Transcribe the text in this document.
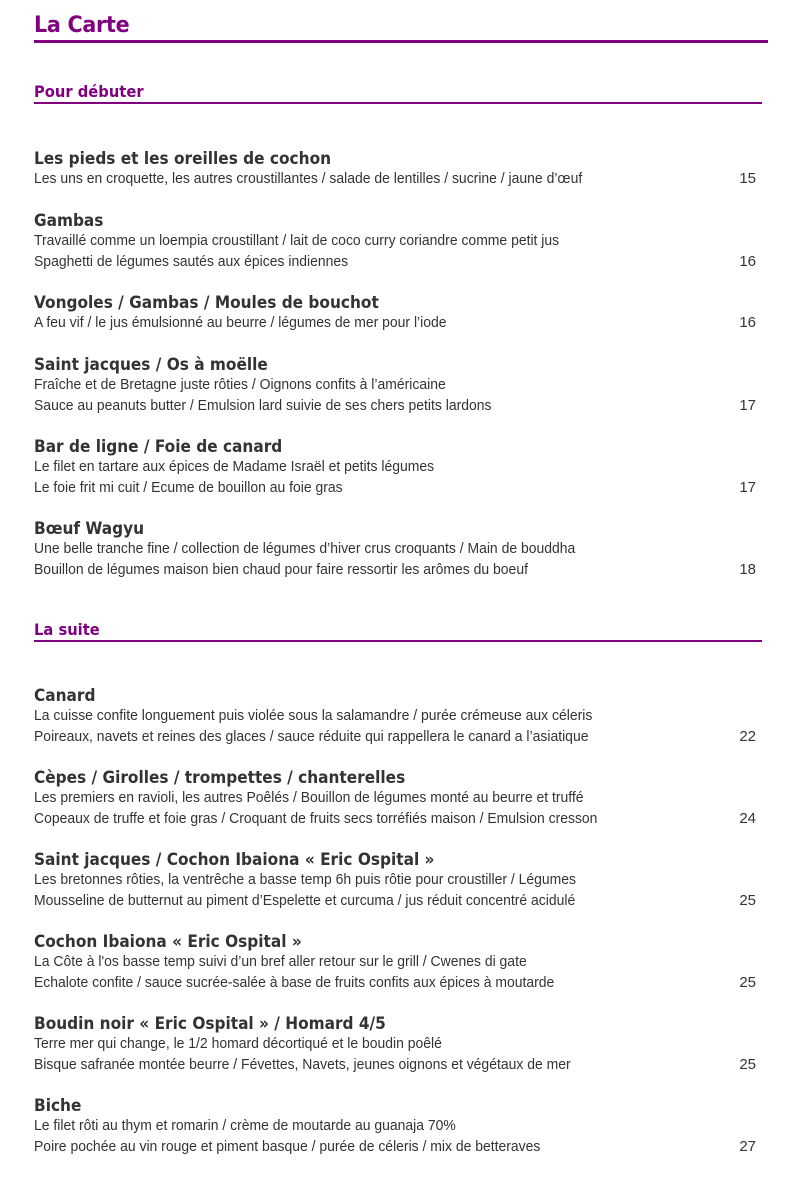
La Carte
Pour débuter
Les pieds et les oreilles de cochon
Les uns en croquette, les autres croustillantes / salade de lentilles / sucrine / jaune d’œuf	15
Gambas
Travaillé comme un loempia croustillant / lait de coco curry coriandre comme petit jus
Spaghetti de légumes sautés aux épices indiennes	16
Vongoles / Gambas / Moules de bouchot
A feu vif / le jus émulsionné au beurre / légumes de mer pour l’iode	16
Saint jacques / Os à moëlle
Fraîche et de Bretagne juste rôties / Oignons confits à l’américaine
Sauce au peanuts butter / Emulsion lard suivie de ses chers petits lardons	17
Bar de ligne / Foie de canard
Le filet en tartare aux épices de Madame Israël et petits légumes
Le foie frit mi cuit / Ecume de bouillon au foie gras	17
Bœuf Wagyu
Une belle tranche fine / collection de légumes d’hiver crus croquants / Main de bouddha
Bouillon de légumes maison bien chaud pour faire ressortir les arômes du boeuf	18
La suite
Canard
La cuisse confite longuement puis violée sous la salamandre / purée crémeuse aux céleris
Poireaux, navets et reines des glaces / sauce réduite qui rappellera le canard a l’asiatique	22
Cèpes / Girolles / trompettes / chanterelles
Les premiers en ravioli, les autres Poêlés / Bouillon de légumes monté au beurre et truffé
Copeaux de truffe et foie gras / Croquant de fruits secs torréfiés maison / Emulsion cresson	24
Saint jacques / Cochon Ibaiona « Eric Ospital »
Les bretonnes rôties, la ventrêche a basse temp 6h puis rôtie pour croustiller / Légumes
Mousseline de butternut au piment d’Espelette et curcuma / jus réduit concentré acidulé	25
Cochon Ibaiona « Eric Ospital »
La Côte à l'os basse temp suivi d’un bref aller retour sur le grill / Cwenes di gate
Echalote confite / sauce sucrée-salée à base de fruits confits aux épices à moutarde	25
Boudin noir « Eric Ospital » / Homard 4/5
Terre mer qui change, le 1/2 homard décortiqué et le boudin poêlé
Bisque safranée montée beurre / Févettes, Navets, jeunes oignons et végétaux de mer	25
Biche
Le filet rôti au thym et romarin / crème de moutarde au guanaja 70%
Poire pochée au vin rouge et piment basque / purée de céleris / mix de betteraves	27
